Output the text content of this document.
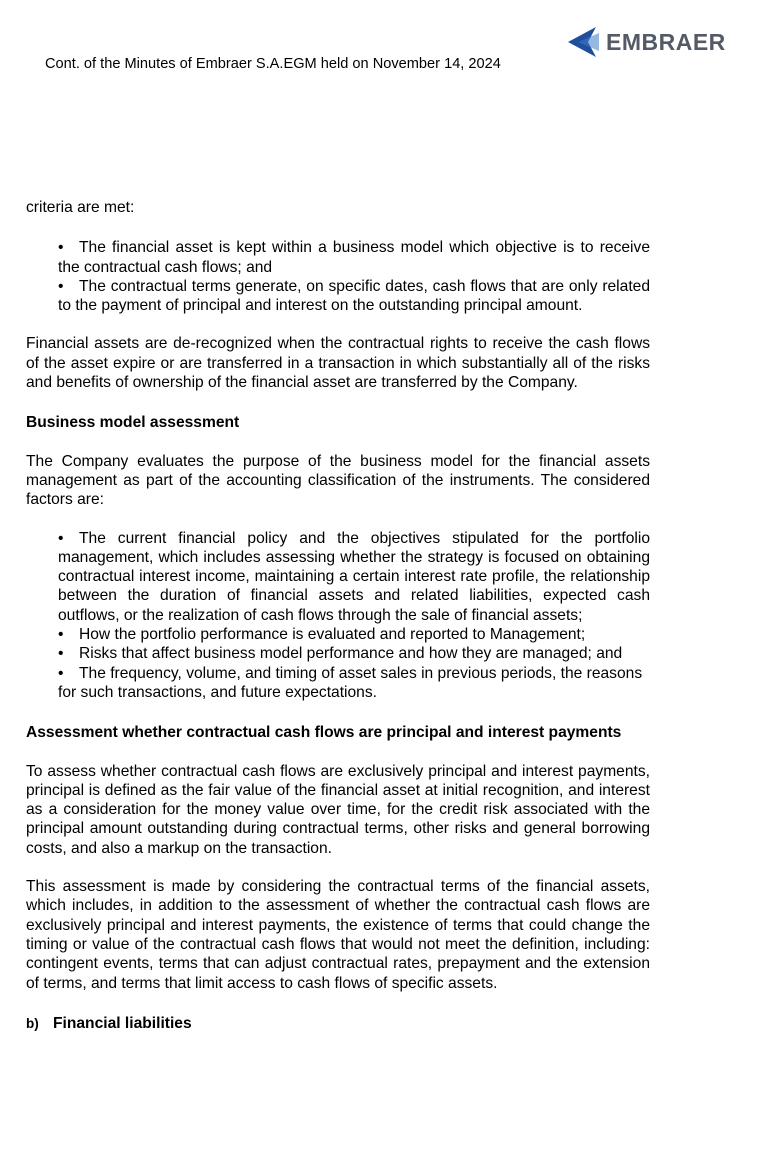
EMBRAER
Cont. of the Minutes of Embraer S.A.EGM held on November 14, 2024

criteria are met:

• The financial asset is kept within a business model which objective is to receive the contractual cash flows; and
• The contractual terms generate, on specific dates, cash flows that are only related to the payment of principal and interest on the outstanding principal amount.

Financial assets are de-recognized when the contractual rights to receive the cash flows of the asset expire or are transferred in a transaction in which substantially all of the risks and benefits of ownership of the financial asset are transferred by the Company.

Business model assessment

The Company evaluates the purpose of the business model for the financial assets management as part of the accounting classification of the instruments. The considered factors are:

• The current financial policy and the objectives stipulated for the portfolio management, which includes assessing whether the strategy is focused on obtaining contractual interest income, maintaining a certain interest rate profile, the relationship between the duration of financial assets and related liabilities, expected cash outflows, or the realization of cash flows through the sale of financial assets;
• How the portfolio performance is evaluated and reported to Management;
• Risks that affect business model performance and how they are managed; and
• The frequency, volume, and timing of asset sales in previous periods, the reasons for such transactions, and future expectations.
Assessment whether contractual cash flows are principal and interest payments

To assess whether contractual cash flows are exclusively principal and interest payments, principal is defined as the fair value of the financial asset at initial recognition, and interest as a consideration for the money value over time, for the credit risk associated with the principal amount outstanding during contractual terms, other risks and general borrowing costs, and also a markup on the transaction.

This assessment is made by considering the contractual terms of the financial assets, which includes, in addition to the assessment of whether the contractual cash flows are exclusively principal and interest payments, the existence of terms that could change the timing or value of the contractual cash flows that would not meet the definition, including: contingent events, terms that can adjust contractual rates, prepayment and the extension of terms, and terms that limit access to cash flows of specific assets.

b) Financial liabilities
